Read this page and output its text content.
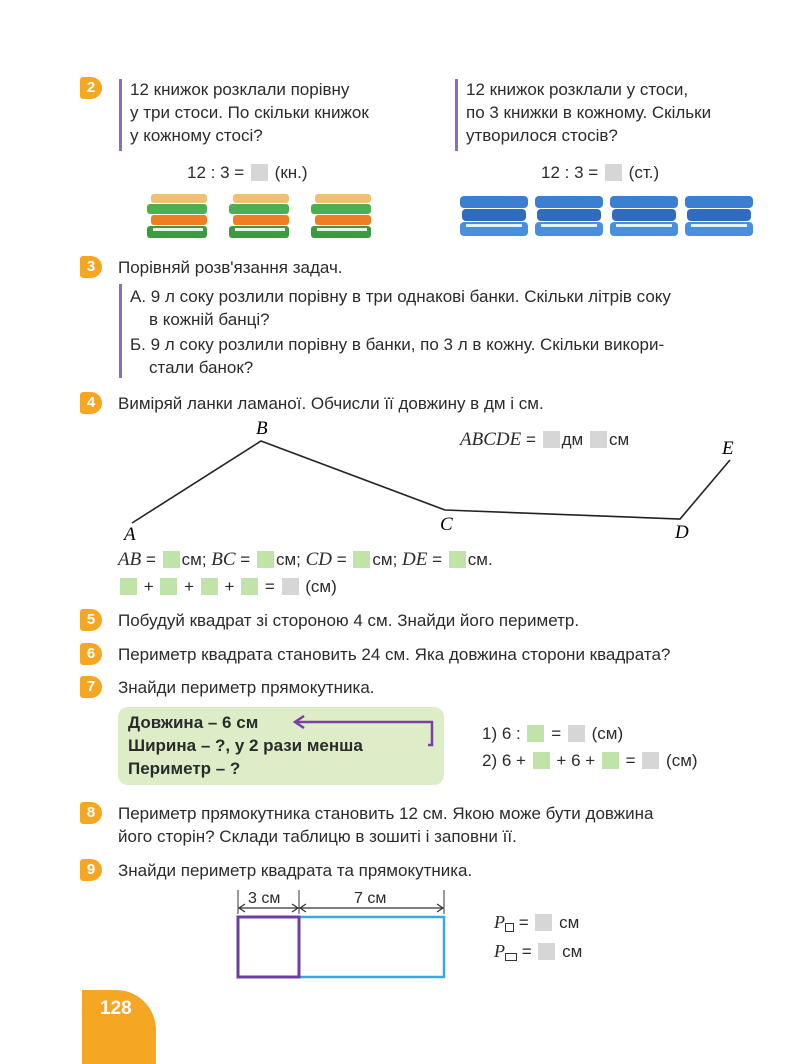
2	12 книжок розклали порівну
у три стоси. По скільки книжок
у кожному стосі?
12 книжок розклали у стоси,
по 3 книжки в кожному. Скільки
утворилося стосів?
12 : 3 = (кн.)	12 : 3 = (ст.)
3	Порівняй розв'язання задач.
А. 9 л соку розлили порівну в три однакові банки. Скільки літрів соку
в кожній банці?
Б. 9 л соку розлили порівну в банки, по 3 л в кожну. Скільки викори-
стали банок?
4	Виміряй ланки ламаної. Обчисли її довжину в дм і см.
A
B
C	D
E
ABCDE = дм см
AB = см; BC = см; CD = см; DE = см.
+  +  +  =  (см)
5	Побудуй квадрат зі стороною 4 см. Знайди його периметр.
6	Периметр квадрата становить 24 см. Яка довжина сторони квадрата?
7	Знайди периметр прямокутника.
Довжина – 6 см
Ширина – ?, у 2 рази менша
Периметр – ?
1) 6 :  =  (см)
2) 6 + + 6 +  =  (см)
8	Периметр прямокутника становить 12 см. Якою може бути довжина
його сторін? Склади таблицю в зошиті і заповни її.
9	Знайди периметр квадрата та прямокутника.
3 см	7 см
P =  см
P =  см
128
